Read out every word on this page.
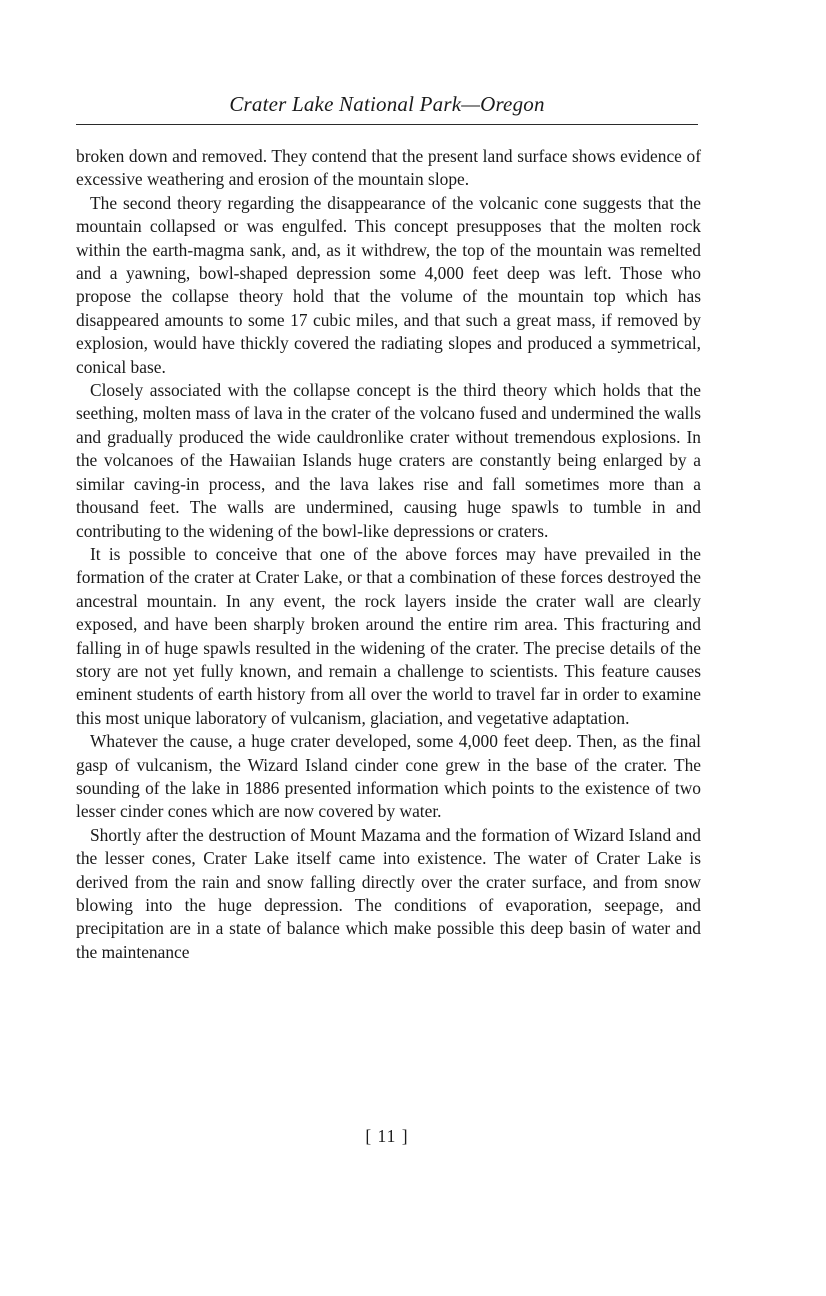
Crater Lake National Park—Oregon

broken down and removed. They contend that the present land surface shows evidence of excessive weathering and erosion of the mountain slope.

The second theory regarding the disappearance of the volcanic cone suggests that the mountain collapsed or was engulfed. This concept presupposes that the molten rock within the earth-magma sank, and, as it withdrew, the top of the mountain was remelted and a yawning, bowl-shaped depression some 4,000 feet deep was left. Those who propose the collapse theory hold that the volume of the mountain top which has disappeared amounts to some 17 cubic miles, and that such a great mass, if removed by explosion, would have thickly covered the radiating slopes and produced a symmetrical, conical base.

Closely associated with the collapse concept is the third theory which holds that the seething, molten mass of lava in the crater of the volcano fused and undermined the walls and gradually produced the wide cauldronlike crater without tremendous explosions. In the volcanoes of the Hawaiian Islands huge craters are constantly being enlarged by a similar caving-in process, and the lava lakes rise and fall sometimes more than a thousand feet. The walls are undermined, causing huge spawls to tumble in and contributing to the widening of the bowl-like depressions or craters.

It is possible to conceive that one of the above forces may have prevailed in the formation of the crater at Crater Lake, or that a combination of these forces destroyed the ancestral mountain. In any event, the rock layers inside the crater wall are clearly exposed, and have been sharply broken around the entire rim area. This fracturing and falling in of huge spawls resulted in the widening of the crater. The precise details of the story are not yet fully known, and remain a challenge to scientists. This feature causes eminent students of earth history from all over the world to travel far in order to examine this most unique laboratory of vulcanism, glaciation, and vegetative adaptation.

Whatever the cause, a huge crater developed, some 4,000 feet deep. Then, as the final gasp of vulcanism, the Wizard Island cinder cone grew in the base of the crater. The sounding of the lake in 1886 presented information which points to the existence of two lesser cinder cones which are now covered by water.

Shortly after the destruction of Mount Mazama and the formation of Wizard Island and the lesser cones, Crater Lake itself came into existence. The water of Crater Lake is derived from the rain and snow falling directly over the crater surface, and from snow blowing into the huge depression. The conditions of evaporation, seepage, and precipitation are in a state of balance which make possible this deep basin of water and the maintenance

[ 11 ]
